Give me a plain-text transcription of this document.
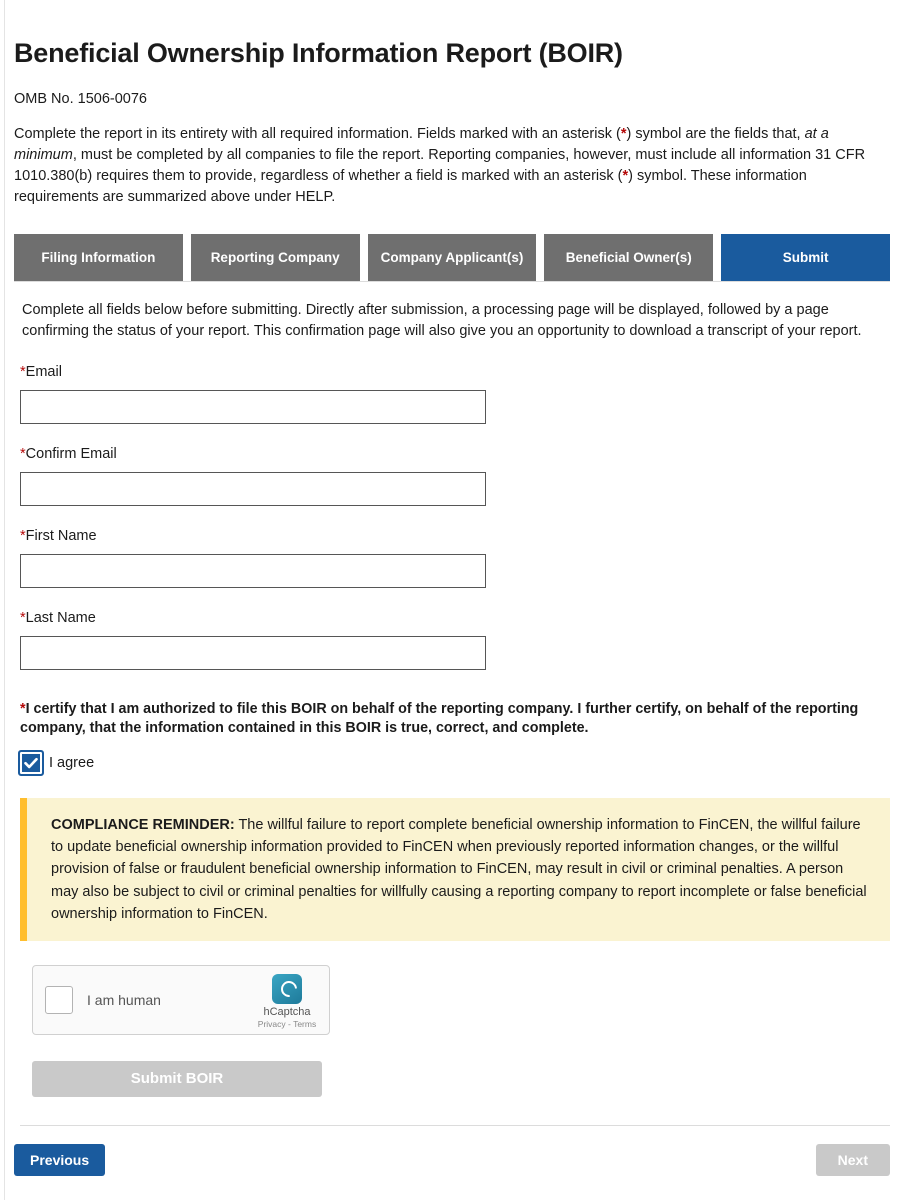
Beneficial Ownership Information Report (BOIR)
OMB No. 1506-0076

Complete the report in its entirety with all required information. Fields marked with an asterisk (*) symbol are the fields that, at a minimum, must be completed by all companies to file the report. Reporting companies, however, must include all information 31 CFR 1010.380(b) requires them to provide, regardless of whether a field is marked with an asterisk (*) symbol. These information requirements are summarized above under HELP.

Filing Information	Reporting Company	Company Applicant(s)	Beneficial Owner(s)	Submit

Complete all fields below before submitting. Directly after submission, a processing page will be displayed, followed by a page confirming the status of your report. This confirmation page will also give you an opportunity to download a transcript of your report.

*Email
*Confirm Email
*First Name
*Last Name
*I certify that I am authorized to file this BOIR on behalf of the reporting company. I further certify, on behalf of the reporting company, that the information contained in this BOIR is true, correct, and complete.
I agree
COMPLIANCE REMINDER: The willful failure to report complete beneficial ownership information to FinCEN, the willful failure to update beneficial ownership information provided to FinCEN when previously reported information changes, or the willful provision of false or fraudulent beneficial ownership information to FinCEN, may result in civil or criminal penalties. A person may also be subject to civil or criminal penalties for willfully causing a reporting company to report incomplete or false beneficial ownership information to FinCEN.
I am human
hCaptcha
Privacy - Terms
Submit BOIR
Previous	Next
